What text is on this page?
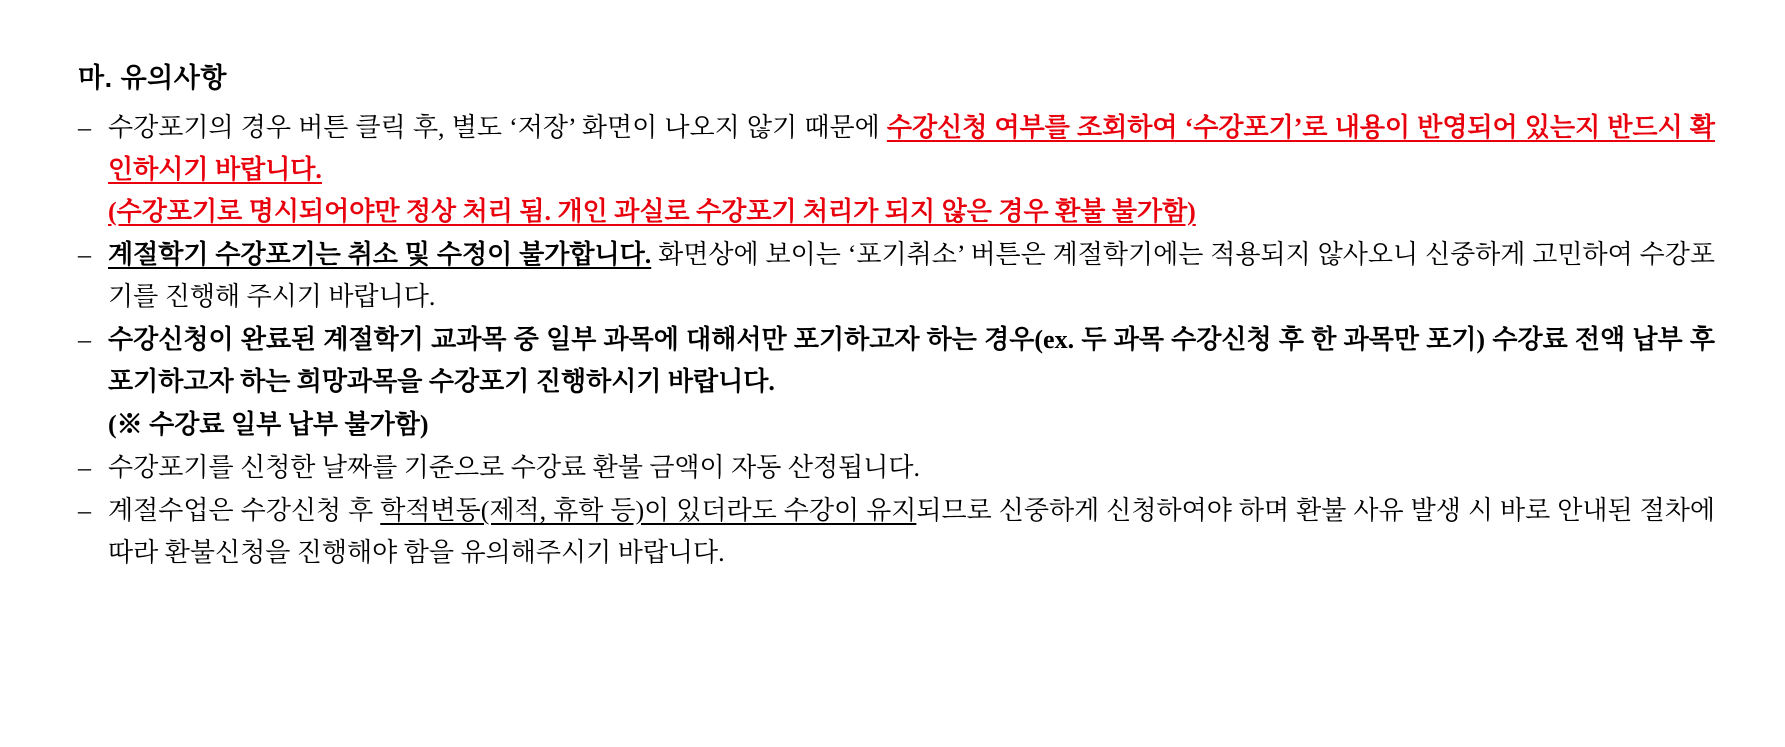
마. 유의사항
– 수강포기의 경우 버튼 클릭 후, 별도 ‘저장’ 화면이 나오지 않기 때문에 수강신청 여부를 조회하여 ‘수강포기’로 내용이 반영되어 있는지 반드시 확인하시기 바랍니다.
(수강포기로 명시되어야만 정상 처리 됨. 개인 과실로 수강포기 처리가 되지 않은 경우 환불 불가함)
– 계절학기 수강포기는 취소 및 수정이 불가합니다. 화면상에 보이는 ‘포기취소’ 버튼은 계절학기에는 적용되지 않사오니 신중하게 고민하여 수강포기를 진행해 주시기 바랍니다.
– 수강신청이 완료된 계절학기 교과목 중 일부 과목에 대해서만 포기하고자 하는 경우(ex. 두 과목 수강신청 후 한 과목만 포기) 수강료 전액 납부 후 포기하고자 하는 희망과목을 수강포기 진행하시기 바랍니다.
(※ 수강료 일부 납부 불가함)
– 수강포기를 신청한 날짜를 기준으로 수강료 환불 금액이 자동 산정됩니다.
– 계절수업은 수강신청 후 학적변동(제적, 휴학 등)이 있더라도 수강이 유지되므로 신중하게 신청하여야 하며 환불 사유 발생 시 바로 안내된 절차에 따라 환불신청을 진행해야 함을 유의해주시기 바랍니다.
